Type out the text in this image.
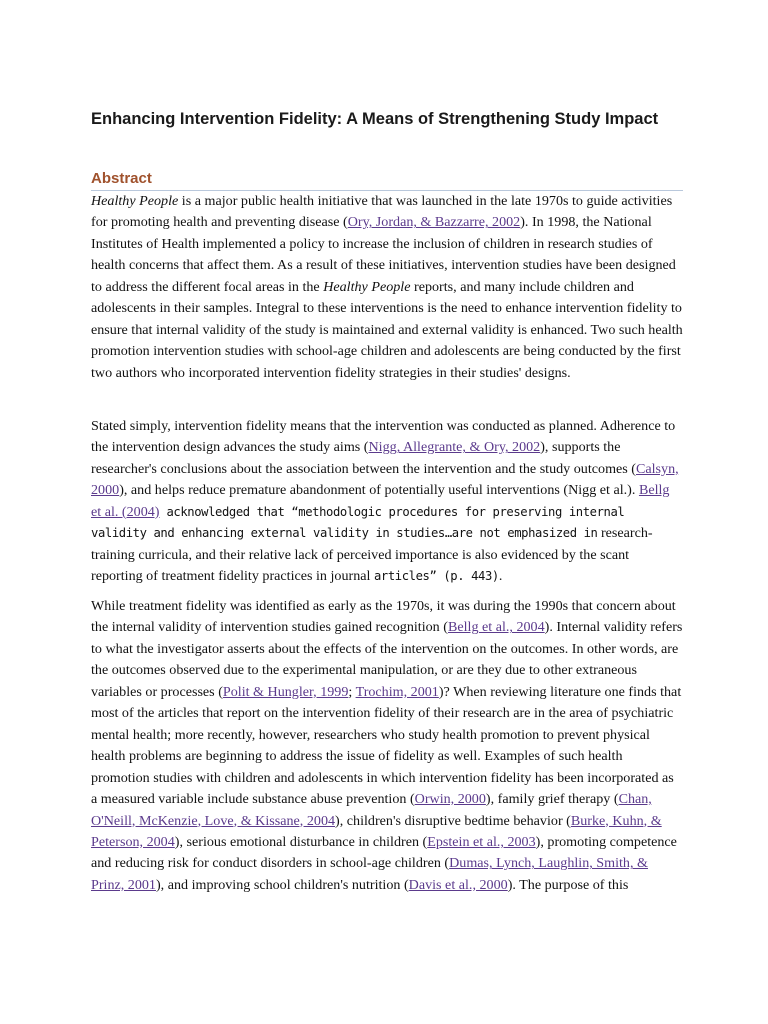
Enhancing Intervention Fidelity: A Means of Strengthening Study Impact
Abstract

Healthy People is a major public health initiative that was launched in the late 1970s to guide activities for promoting health and preventing disease (Ory, Jordan, & Bazzarre, 2002). In 1998, the National Institutes of Health implemented a policy to increase the inclusion of children in research studies of health concerns that affect them. As a result of these initiatives, intervention studies have been designed to address the different focal areas in the Healthy People reports, and many include children and adolescents in their samples. Integral to these interventions is the need to enhance intervention fidelity to ensure that internal validity of the study is maintained and external validity is enhanced. Two such health promotion intervention studies with school-age children and adolescents are being conducted by the first two authors who incorporated intervention fidelity strategies in their studies' designs.

Stated simply, intervention fidelity means that the intervention was conducted as planned. Adherence to the intervention design advances the study aims (Nigg, Allegrante, & Ory, 2002), supports the researcher's conclusions about the association between the intervention and the study outcomes (Calsyn, 2000), and helps reduce premature abandonment of potentially useful interventions (Nigg et al.). Bellg et al. (2004) acknowledged that “methodologic procedures for preserving internal validity and enhancing external validity in studies…are not emphasized in research-training curricula, and their relative lack of perceived importance is also evidenced by the scant reporting of treatment fidelity practices in journal articles” (p. 443).

While treatment fidelity was identified as early as the 1970s, it was during the 1990s that concern about the internal validity of intervention studies gained recognition (Bellg et al., 2004). Internal validity refers to what the investigator asserts about the effects of the intervention on the outcomes. In other words, are the outcomes observed due to the experimental manipulation, or are they due to other extraneous variables or processes (Polit & Hungler, 1999; Trochim, 2001)? When reviewing literature one finds that most of the articles that report on the intervention fidelity of their research are in the area of psychiatric mental health; more recently, however, researchers who study health promotion to prevent physical health problems are beginning to address the issue of fidelity as well. Examples of such health promotion studies with children and adolescents in which intervention fidelity has been incorporated as a measured variable include substance abuse prevention (Orwin, 2000), family grief therapy (Chan, O'Neill, McKenzie, Love, & Kissane, 2004), children's disruptive bedtime behavior (Burke, Kuhn, & Peterson, 2004), serious emotional disturbance in children (Epstein et al., 2003), promoting competence and reducing risk for conduct disorders in school-age children (Dumas, Lynch, Laughlin, Smith, & Prinz, 2001), and improving school children's nutrition (Davis et al., 2000). The purpose of this
